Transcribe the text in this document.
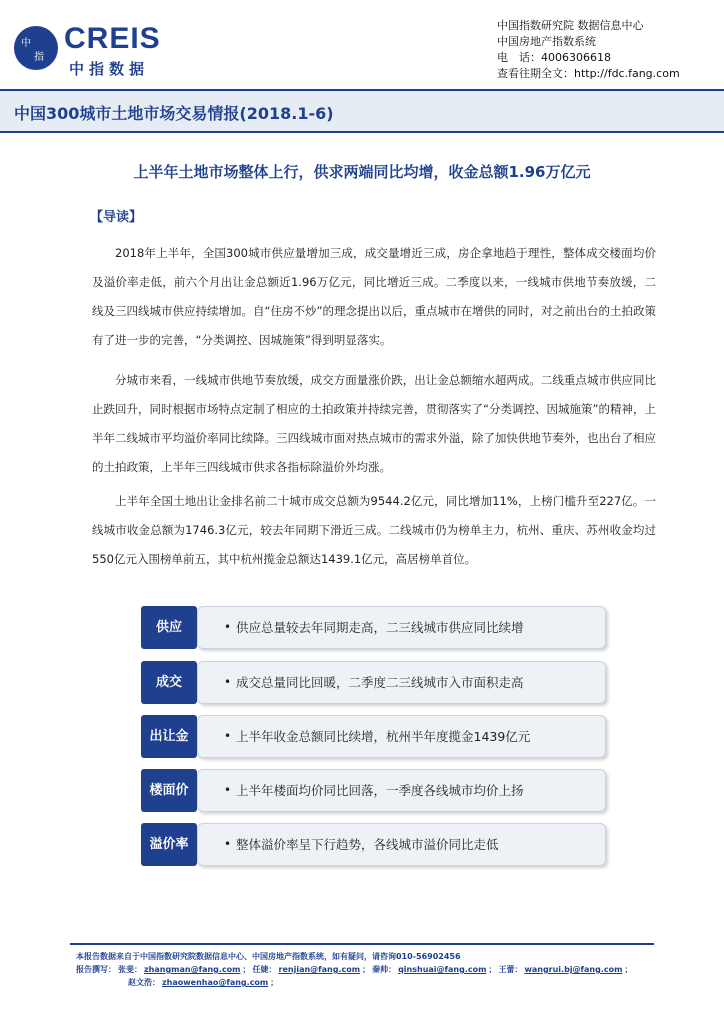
中
指
CREIS
中指数据
中国指数研究院 数据信息中心
中国房地产指数系统
电　话：4006306618
查看往期全文：http://fdc.fang.com
中国300城市土地市场交易情报(2018.1-6)
上半年土地市场整体上行，供求两端同比均增，收金总额1.96万亿元
【导读】

2018年上半年，全国300城市供应量增加三成，成交量增近三成，房企拿地趋于理性，整体成交楼面均价及溢价率走低，前六个月出让金总额近1.96万亿元，同比增近三成。二季度以来，一线城市供地节奏放缓，二线及三四线城市供应持续增加。自“住房不炒”的理念提出以后，重点城市在增供的同时，对之前出台的土拍政策有了进一步的完善，“分类调控、因城施策”得到明显落实。

分城市来看，一线城市供地节奏放缓，成交方面量涨价跌，出让金总额缩水超两成。二线重点城市供应同比止跌回升，同时根据市场特点定制了相应的土拍政策并持续完善，贯彻落实了“分类调控、因城施策”的精神，上半年二线城市平均溢价率同比续降。三四线城市面对热点城市的需求外溢，除了加快供地节奏外，也出台了相应的土拍政策，上半年三四线城市供求各指标除溢价外均涨。

上半年全国土地出让金排名前二十城市成交总额为9544.2亿元，同比增加11%，上榜门槛升至227亿。一线城市收金总额为1746.3亿元，较去年同期下滑近三成。二线城市仍为榜单主力，杭州、重庆、苏州收金均过550亿元入围榜单前五，其中杭州揽金总额达1439.1亿元，高居榜单首位。

供应	• 供应总量较去年同期走高，二三线城市供应同比续增
成交	• 成交总量同比回暖，二季度二三线城市入市面积走高
出让金	• 上半年收金总额同比续增，杭州半年度揽金1439亿元
楼面价	• 上半年楼面均价同比回落，一季度各线城市均价上扬
溢价率	• 整体溢价率呈下行趋势，各线城市溢价同比走低
本报告数据来自于中国指数研究院数据信息中心、中国房地产指数系统，如有疑问，请咨询010-56902456
报告撰写： 张斐： zhangman@fang.com ； 任婕： renjian@fang.com ； 秦帅： qinshuai@fang.com ； 王蕾： wangrui.bj@fang.com ；
赵文浩： zhaowenhao@fang.com ；
